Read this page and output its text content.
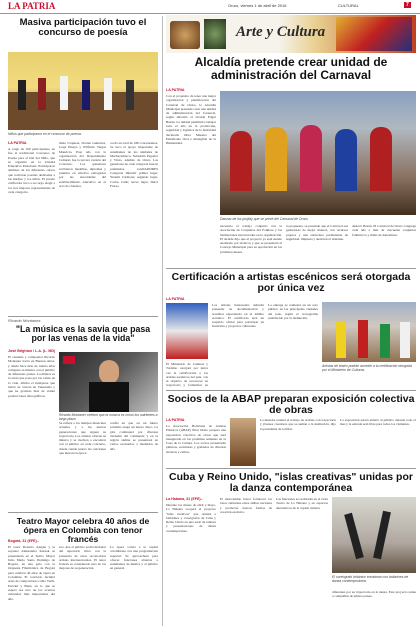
LA PATRIA	Oruro, viernes 1 de abril de 2016	CULTURAL	7
Masiva participación tuvo el concurso de poesía
Niños que participaron en el concurso de poesía.
LA PATRIA
A cargo de 100 participantes, en fue el tradicional Concurso de Poesía para el Día del Niño, que se organizó en la Unidad Educativa Pestalozzi. Participaron alumnos de los diferentes cursos que recitaron poesías dedicadas a las madres y los niños. El jurado calificador tuvo a su cargo elegir a los tres mejores representantes de cada categoría.
mino Urquieta, Dorina Gutiérrez, Jorge Pinaya y Wilfredo Vargas Mauricio. Este año con la organización del Departamento Cultural, fue la tercera versión del Concurso. Los ganadores recibieron medallas, diplomas y premios en efectivo entregados por las autoridades del establecimiento educativo en el acto de clausura.
cordó en total de 186 concursantes. Se tuvo el apoyo importante de estudiantes de las unidades de Machacamarca, Sebastián Pagador y Vinto, además de Oruro Los ganadores de cada categoría fueron premiados. GANADORES Categoría Infantil: primer lugar, Yeremi Carmona; segundo lugar, Carlos Calle; tercer lugar, Deivi Flores.
Ricardo Montanez
"La música es la savia que pasa por las venas de la vida"
José Brighton / L.A. (L. MD)
El cantante y compositor Ricardo Montaner nació en Buenos Aires, y desde hace más de treinta años comparte su música con el público de diferentes países. La música es la savia que pasa por las venas de la vida, afirma el intérprete que inició su carrera en Venezuela y que ha grabado más de veinte producciones discográficas.
Ricardo Montaner celebró que la música es como los nutrientes a largo plazo.
Se refiere a los tiempos musicales actuales y a las nuevas generaciones que siguen su trayectoria. Los artistas ofrecen su música y se vuelven a encontrar con el público en cada concierto, donde cantan juntos las canciones que marcaron época.
confía en que en un futuro próximo tenga un nuevo disco. La gira continuará por diversas ciudades del continente y en la región andina se presentará en varios escenarios a mediados de año.
Teatro Mayor celebra 40 años de ópera en Colombia con tenor francés
Bogotá, 31 (EFE).-
El tenor Roberto Alagna y la soprano Aleksandra Kurzak se presentarán en el Teatro Mayor Julio Mario Santo Domingo de Bogotá, en una gala con la Orquesta Filarmónica de Bogotá para celebrar 40 años de ópera en Colombia. El concierto incluirá arias de compositores como Verdi, Puccini y Bizet, en lo que se espera sea uno de los eventos culturales más importantes del año.
zos. Así, el público podrá disfrutar del repertorio lírico con la presencia de estos reconocidos artistas internacionales. El tenor francés es considerado uno de los mejores de su generación.
La ópera volvió a la capital colombiana con una programación especial. Se aprovechará para ofrecer funciones abiertas a estudiantes de música y al público en general.
Arte y Cultura
Alcaldía pretende crear unidad de administración del Carnaval
LA PATRIA
Con el propósito de tener una mejor organización y planificación del Carnaval de Oruro, la Alcaldía Municipal pretende crear una unidad de administración del Carnaval, según informó el alcalde Edgar Bazán. La unidad permitiría trabajar todo el año en la promoción, seguridad y logística de la festividad declarada Obra Maestra del Patrimonio Oral e Intangible de la Humanidad.
Danzas de los piujllay que se prevé del Carnaval de Oruro.
necesario el trabajo conjunto con la Asociación de Conjuntos del Folklore y las instituciones involucradas en la organización. El alcalde dijo que el proyecto ya está siendo analizado por técnicos y que se presentará al Concejo Municipal para su aprobación en los próximos meses.
la propuesta, se pretende que el Carnaval sea gestionado de mejor manera, con recursos propios y una estructura permanente de seguridad, limpieza y atención al visitante.
destacó Bazán. El Carnaval de Oruro congrega cada año a más de cincuenta conjuntos folklóricos y miles de danzarines.
Certificación a artistas escénicos será otorgada por única vez
LA PATRIA
El Ministerio de Culturas y Turismo otorgará por única vez la certificación a los artistas escénicos del país, con el objetivo de reconocer su trayectoria y formalizar su
Los artistas interesados deberán presentar su documentación y acreditar experiencia en el ámbito escénico. El certificado será un respaldo oficial para participar en festivales y proyectos culturales.
La entrega se realizará en un acto público en las principales ciudades del país, según el cronograma establecido por la institución.
Artistas de teatro podrán acceder a la certificación otorgada por el Ministerio de Culturas.
Socios de la ABAP preparan exposición colectiva de obras
LA PATRIA
La Asociación Boliviana de Artistas Plásticos (ABAP) filial Oruro prepara una exposición colectiva de obras que será inaugurada en las próximas semanas en la Casa de la Cultura. Los socios presentarán pinturas, esculturas y grabados de diversas técnicas y estilos.
La muestra reunirá el trabajo de artistas con trayectoria y jóvenes creadores que se suman a la institución, dijo la presidenta de la filial.
La exposición estará abierta al público durante todo el mes y la entrada será libre para todos los visitantes.
Cuba y Reino Unido, "islas creativas" unidas por la danza contemporánea
La Habana, 31 (EFE).-
Durante los meses de abril y mayo, La Habana acogerá el proyecto "Islas creativas" que reunirá a bailarines y coreógrafos de Cuba y Reino Unido en una serie de talleres y presentaciones de danza contemporánea.
El intercambio busca fortalecer los lazos culturales entre ambas naciones y promover nuevas formas de creación escénica.
Las funciones se realizarán en el Gran Teatro de La Habana y en espacios alternativos de la capital cubana.
El coreógrafo británico encabeza con bailarines de danza contemporánea.
diferentes por su trayectoria en la danza. Este proyecto reúne a compañías de ambos países.
